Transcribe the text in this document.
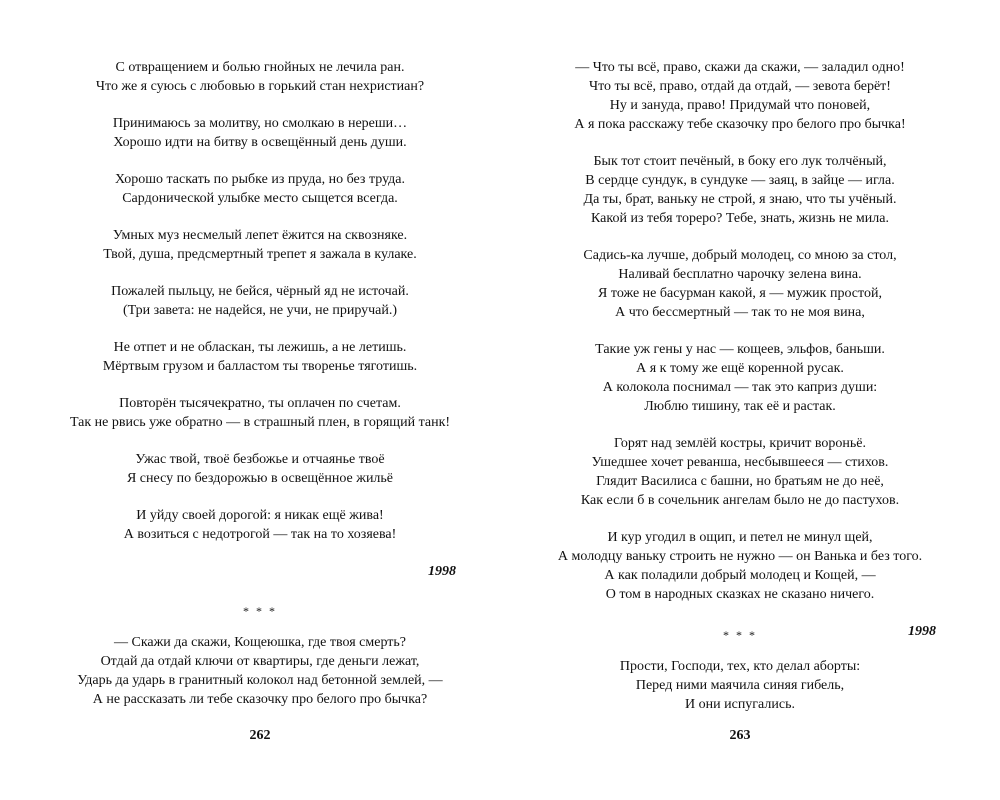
С отвращением и болью гнойных не лечила ран.
Что же я суюсь с любовью в горький стан нехристиан?
Принимаюсь за молитву, но смолкаю в нереши…
Хорошо идти на битву в освещённый день души.
Хорошо таскать по рыбке из пруда, но без труда.
Сардонической улыбке место сыщется всегда.
Умных муз несмелый лепет ёжится на сквозняке.
Твой, душа, предсмертный трепет я зажала в кулаке.
Пожалей пыльцу, не бейся, чёрный яд не источай.
(Три завета: не надейся, не учи, не приручай.)
Не отпет и не обласкан, ты лежишь, а не летишь.
Мёртвым грузом и балластом ты творенье тяготишь.
Повторён тысячекратно, ты оплачен по счетам.
Так не рвись уже обратно — в страшный плен, в горящий танк!
Ужас твой, твоё безбожье и отчаянье твоё
Я снесу по бездорожью в освещённое жильё
И уйду своей дорогой: я никак ещё жива!
А возиться с недотрогой — так на то хозяева!
1998
* * *
— Скажи да скажи, Кощеюшка, где твоя смерть?
Отдай да отдай ключи от квартиры, где деньги лежат,
Ударь да ударь в гранитный колокол над бетонной землей, —
А не рассказать ли тебе сказочку про белого про бычка?
262
— Что ты всё, право, скажи да скажи, — заладил одно!
Что ты всё, право, отдай да отдай, — зевота берёт!
Ну и зануда, право! Придумай что поновей,
А я пока расскажу тебе сказочку про белого про бычка!
Бык тот стоит печёный, в боку его лук толчёный,
В сердце сундук, в сундуке — заяц, в зайце — игла.
Да ты, брат, ваньку не строй, я знаю, что ты учёный.
Какой из тебя тореро? Тебе, знать, жизнь не мила.
Садись-ка лучше, добрый молодец, со мною за стол,
Наливай бесплатно чарочку зелена вина.
Я тоже не басурман какой, я — мужик простой,
А что бессмертный — так то не моя вина,
Такие уж гены у нас — кощеев, эльфов, баньши.
А я к тому же ещё коренной русак.
А колокола поснимал — так это каприз души:
Люблю тишину, так её и растак.
Горят над землёй костры, кричит вороньё.
Ушедшее хочет реванша, несбывшееся — стихов.
Глядит Василиса с башни, но братьям не до неё,
Как если б в сочельник ангелам было не до пастухов.
И кур угодил в ощип, и петел не минул щей,
А молодцу ваньку строить не нужно — он Ванька и без того.
А как поладили добрый молодец и Кощей, —
О том в народных сказках не сказано ничего.
1998
* * *
Прости, Господи, тех, кто делал аборты:
Перед ними маячила синяя гибель,
И они испугались.
263
